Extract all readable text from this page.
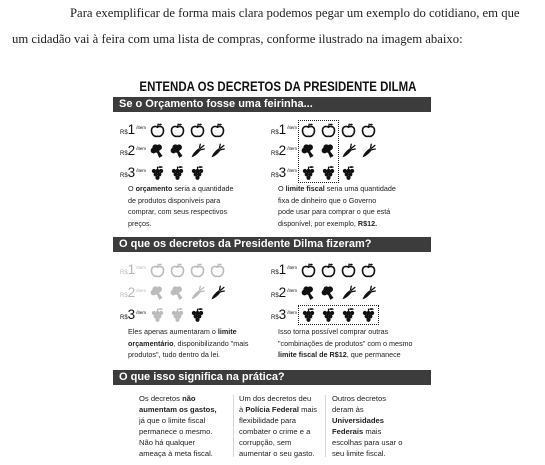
Para exemplificar de forma mais clara podemos pegar um exemplo do cotidiano, em que
um cidadão vai à feira com uma lista de compras, conforme ilustrado na imagem abaixo:
ENTENDA OS DECRETOS DA PRESIDENTE DILMA
Se o Orçamento fosse uma feirinha...
R$ 1 /item
R$ 2 /item
R$ 3 /item
R$ 1 /item
R$ 2 /item
R$ 3 /item
O orçamento seria a quantidade
de produtos disponíveis para
comprar, com seus respectivos
preços.
O limite fiscal seria uma quantidade
fixa de dinheiro que o Governo
pode usar para comprar o que está
disponível, por exemplo, R$12.
O que os decretos da Presidente Dilma fizeram?
R$ 1 /item
R$ 2 /item
R$ 3 /item
R$ 1 /item
R$ 2 /item
R$ 3 /item
Eles apenas aumentaram o limite
orçamentário, disponibilizando "mais
produtos", tudo dentro da lei.
Isso torna possível comprar outras
"combinações de produtos" com o mesmo
limite fiscal de R$12, que permanece
O que isso significa na prática?
Os decretos não
aumentam os gastos,
já que o limite fiscal
permanece o mesmo.
Não há qualquer
ameaça à meta fiscal.
Um dos decretos deu
à Polícia Federal mais
flexibilidade para
combater o crime e a
corrupção, sem
aumentar o seu gasto.
Outros decretos
deram às
Universidades
Federais mais
escolhas para usar o
seu limite fiscal.
